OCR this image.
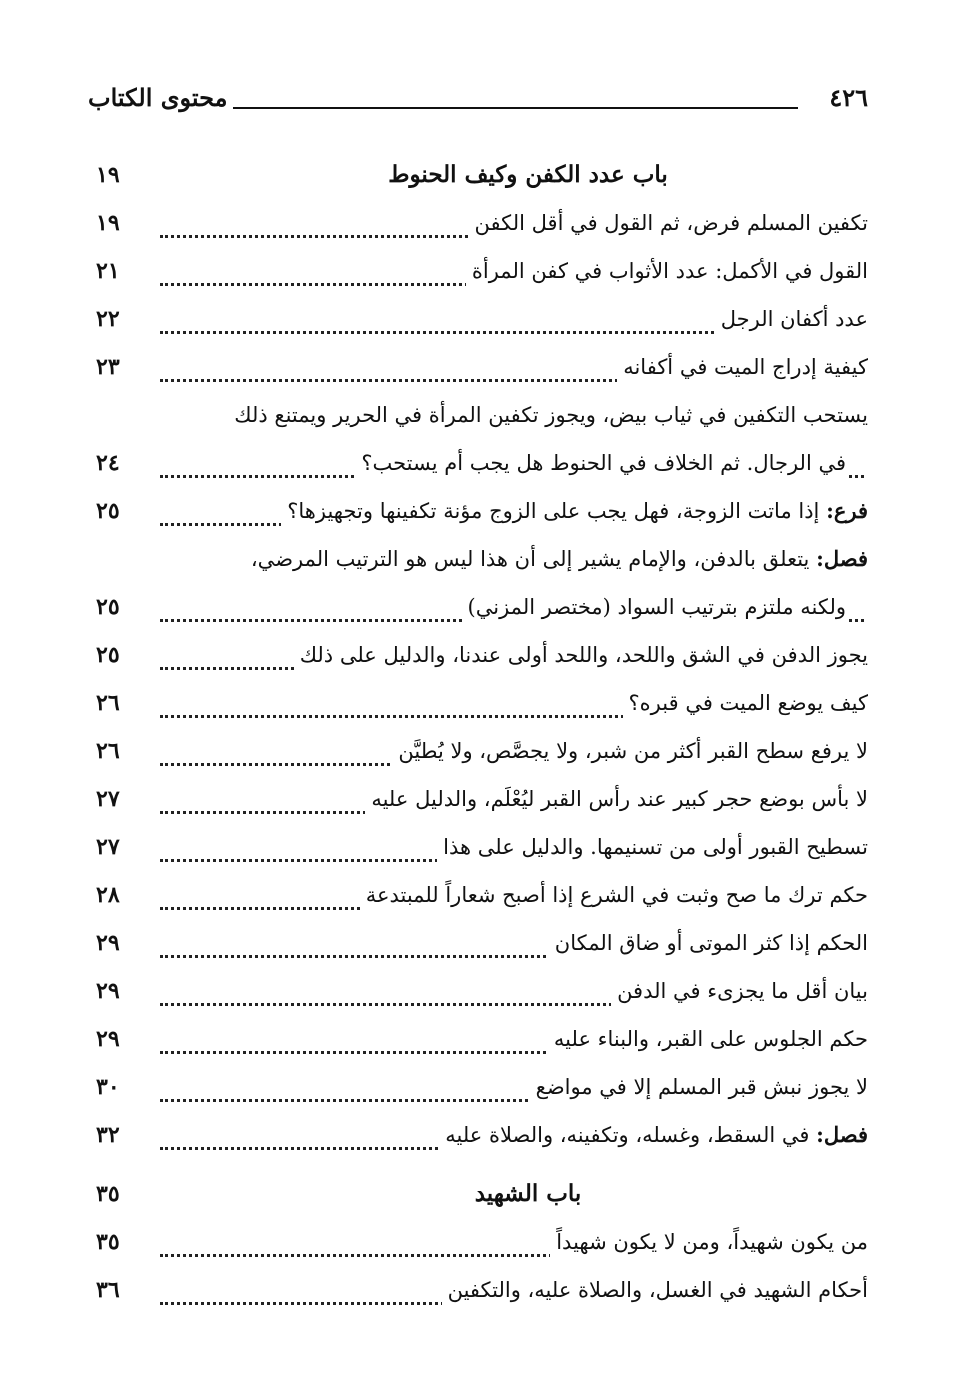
٤٢٦
محتوى الكتاب
١٩	باب عدد الكفن وكيف الحنوط
١٩	تكفين المسلم فرض، ثم القول في أقل الكفن
٢١	القول في الأكمل: عدد الأثواب في كفن المرأة
٢٢	عدد أكفان الرجل
٢٣	كيفية إدراج الميت في أكفانه
يستحب التكفين في ثياب بيض، ويجوز تكفين المرأة في الحرير ويمتنع ذلك
٢٤	في الرجال. ثم الخلاف في الحنوط هل يجب أم يستحب؟
٢٥	فرع: إذا ماتت الزوجة، فهل يجب على الزوج مؤنة تكفينها وتجهيزها؟
فصل: يتعلق بالدفن، والإمام يشير إلى أن هذا ليس هو الترتيب المرضي،
٢٥	ولكنه ملتزم بترتيب السواد (مختصر المزني)
٢٥	يجوز الدفن في الشق واللحد، واللحد أولى عندنا، والدليل على ذلك
٢٦	كيف يوضع الميت في قبره؟
٢٦	لا يرفع سطح القبر أكثر من شبر، ولا يجصَّص، ولا يُطيَّن
٢٧	لا بأس بوضع حجر كبير عند رأس القبر ليُعْلَم، والدليل عليه
٢٧	تسطيح القبور أولى من تسنيمها. والدليل على هذا
٢٨	حكم ترك ما صح وثبت في الشرع إذا أصبح شعاراً للمبتدعة
٢٩	الحكم إذا كثر الموتى أو ضاق المكان
٢٩	بيان أقل ما يجزىء في الدفن
٢٩	حكم الجلوس على القبر، والبناء عليه
٣٠	لا يجوز نبش قبر المسلم إلا في مواضع
٣٢	فصل: في السقط، وغسله، وتكفينه، والصلاة عليه
٣٥	باب الشهيد
٣٥	من يكون شهيداً، ومن لا يكون شهيداً
٣٦	أحكام الشهيد في الغسل، والصلاة عليه، والتكفين
